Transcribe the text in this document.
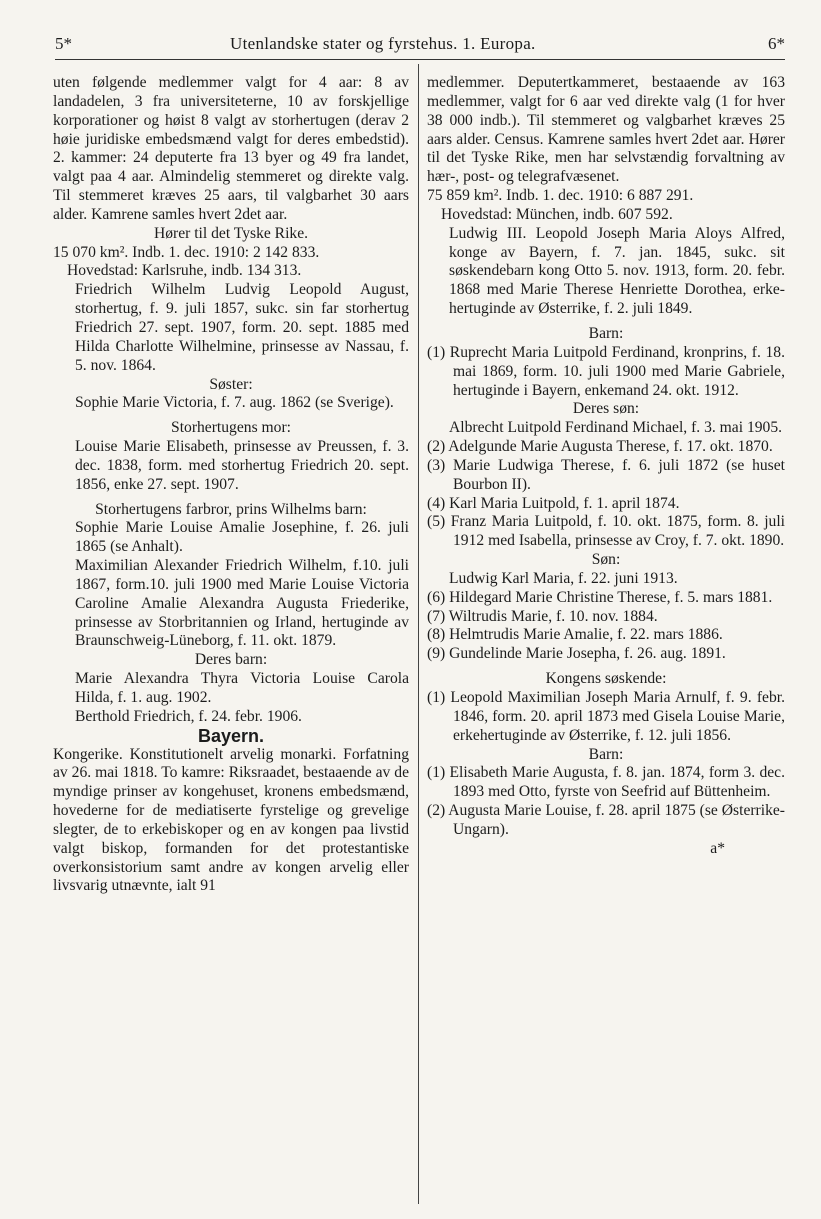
5*	Utenlandske stater og fyrstehus. 1. Europa.	6*

uten følgende medlemmer valgt for 4 aar: 8 av landadelen, 3 fra universiteterne, 10 av forskjellige korporationer og høist 8 valgt av storhertugen (derav 2 høie juridiske embedsmænd valgt for deres embedstid). 2. kammer: 24 deputerte fra 13 byer og 49 fra landet, valgt paa 4 aar. Almindelig stemmeret og direkte valg. Til stemmeret kræves 25 aars, til valgbarhet 30 aars alder. Kamrene samles hvert 2det aar.

Hører til det Tyske Rike.

15 070 km². Indb. 1. dec. 1910: 2 142 833.

Hovedstad: Karlsruhe, indb. 134 313.

Friedrich Wilhelm Ludvig Leopold August, storhertug, f. 9. juli 1857, sukc. sin far storhertug Friedrich 27. sept. 1907, form. 20. sept. 1885 med Hilda Charlotte Wilhelmine, prinsesse av Nassau, f. 5. nov. 1864.

Søster:

Sophie Marie Victoria, f. 7. aug. 1862 (se Sverige).

Storhertugens mor:

Louise Marie Elisabeth, prinsesse av Preussen, f. 3. dec. 1838, form. med storhertug Friedrich 20. sept. 1856, enke 27. sept. 1907.

Storhertugens farbror, prins Wilhelms barn:

Sophie Marie Louise Amalie Josephine, f. 26. juli 1865 (se Anhalt).

Maximilian Alexander Friedrich Wilhelm, f.10. juli 1867, form.10. juli 1900 med Marie Louise Victoria Caroline Amalie Alexandra Augusta Friederike, prinsesse av Storbritannien og Irland, hertuginde av Braunschweig-Lüneborg, f. 11. okt. 1879.

Deres barn:

Marie Alexandra Thyra Victoria Louise Carola Hilda, f. 1. aug. 1902.

Berthold Friedrich, f. 24. febr. 1906.

Bayern.

Kongerike. Konstitutionelt arvelig monarki. Forfatning av 26. mai 1818. To kamre: Riksraadet, bestaaende av de myndige prinser av kongehuset, kronens embedsmænd, hovederne for de mediatiserte fyrstelige og grevelige slegter, de to erkebiskoper og en av kongen paa livstid valgt biskop, formanden for det protestantiske overkonsistorium samt andre av kongen arvelig eller livsvarig utnævnte, ialt 91

medlemmer. Deputertkammeret, bestaaende av 163 medlemmer, valgt for 6 aar ved direkte valg (1 for hver 38 000 indb.). Til stemmeret og valgbarhet kræves 25 aars alder. Census. Kamrene samles hvert 2det aar. Hører til det Tyske Rike, men har selvstændig forvaltning av hær-, post- og telegrafvæsenet.

75 859 km². Indb. 1. dec. 1910: 6 887 291.

Hovedstad: München, indb. 607 592.

Ludwig III. Leopold Joseph Maria Aloys Alfred, konge av Bayern, f. 7. jan. 1845, sukc. sit søskendebarn kong Otto 5. nov. 1913, form. 20. febr. 1868 med Marie Therese Henriette Dorothea, erkehertuginde av Østerrike, f. 2. juli 1849.

Barn:

(1) Ruprecht Maria Luitpold Ferdinand, kronprins, f. 18. mai 1869, form. 10. juli 1900 med Marie Gabriele, hertuginde i Bayern, enkemand 24. okt. 1912.

Deres søn:

Albrecht Luitpold Ferdinand Michael, f. 3. mai 1905.

(2) Adelgunde Marie Augusta Therese, f. 17. okt. 1870.

(3) Marie Ludwiga Therese, f. 6. juli 1872 (se huset Bourbon II).

(4) Karl Maria Luitpold, f. 1. april 1874.

(5) Franz Maria Luitpold, f. 10. okt. 1875, form. 8. juli 1912 med Isabella, prinsesse av Croy, f. 7. okt. 1890.

Søn:

Ludwig Karl Maria, f. 22. juni 1913.

(6) Hildegard Marie Christine Therese, f. 5. mars 1881.

(7) Wiltrudis Marie, f. 10. nov. 1884.

(8) Helmtrudis Marie Amalie, f. 22. mars 1886.

(9) Gundelinde Marie Josepha, f. 26. aug. 1891.

Kongens søskende:

(1) Leopold Maximilian Joseph Maria Arnulf, f. 9. febr. 1846, form. 20. april 1873 med Gisela Louise Marie, erkehertuginde av Østerrike, f. 12. juli 1856.

Barn:

(1) Elisabeth Marie Augusta, f. 8. jan. 1874, form 3. dec. 1893 med Otto, fyrste von Seefrid auf Büttenheim.

(2) Augusta Marie Louise, f. 28. april 1875 (se Østerrike-Ungarn).

a*
